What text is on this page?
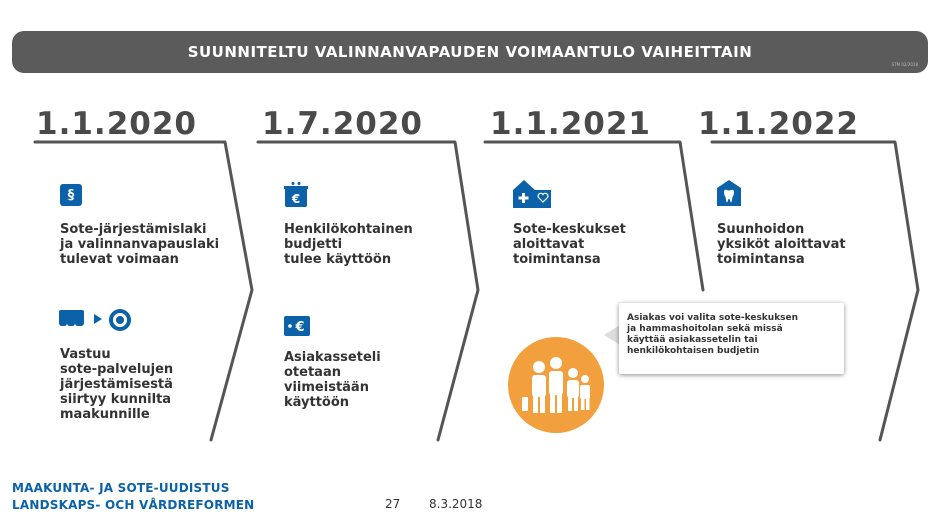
SUUNNITELTU VALINNANVAPAUDEN VOIMAANTULO VAIHEITTAIN
STM 02/2018
1.1.2020 1.7.2020 1.1.2021 1.1.2022
§
Sote-järjestämislaki
ja valinnanvapauslaki
tulevat voimaan
Vastuu
sote-palvelujen
järjestämisestä
siirtyy kunnilta
maakunnille
€
Henkilökohtainen
budjetti
tulee käyttöön
€
Asiakasseteli
otetaan
viimeistään
käyttöön
Sote-keskukset
aloittavat
toimintansa
Suunhoidon
yksiköt aloittavat
toimintansa
Asiakas voi valita sote-keskuksen
ja hammashoitolan sekä missä
käyttää asiakassetelin tai
henkilökohtaisen budjetin
MAAKUNTA- JA SOTE-UUDISTUS
LANDSKAPS- OCH VÅRDREFORMEN	27 8.3.2018
